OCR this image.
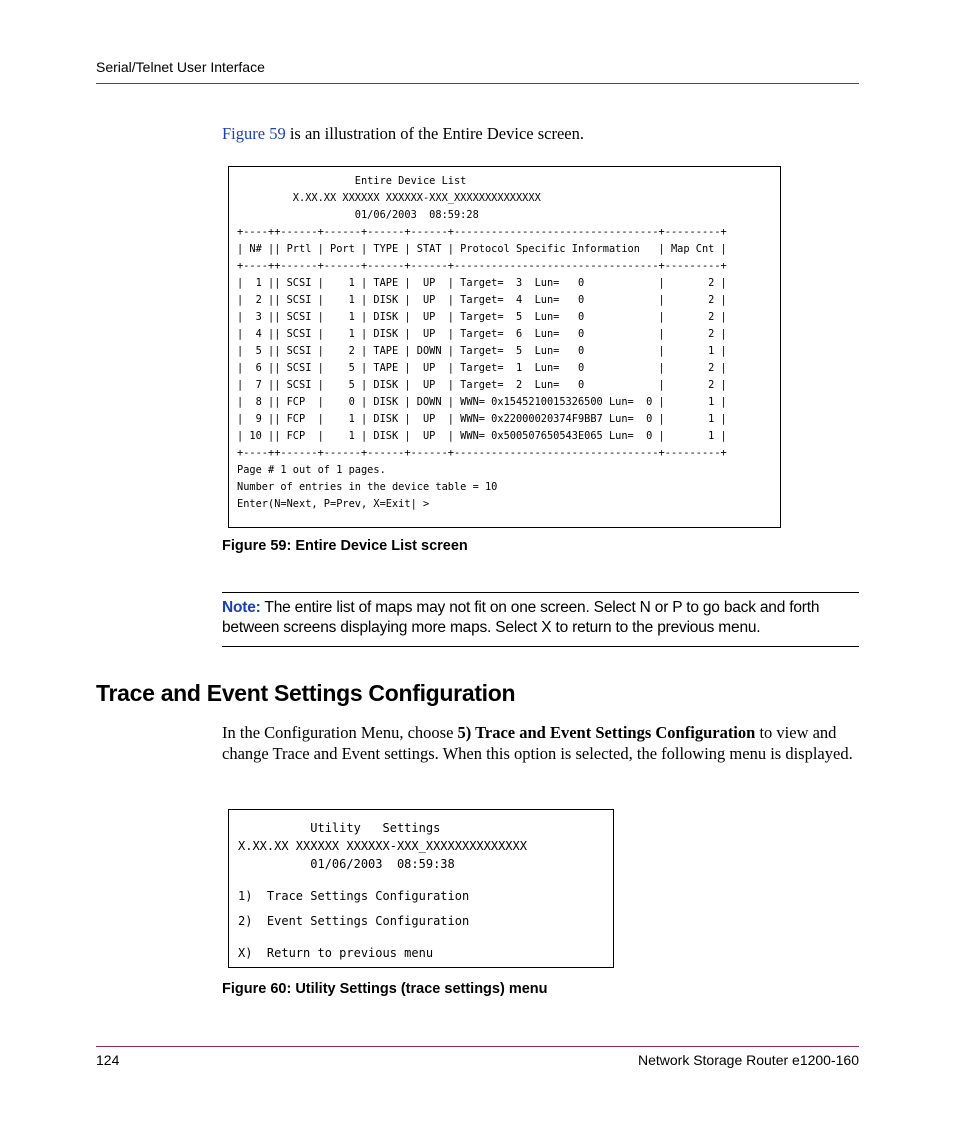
Serial/Telnet User Interface
Figure 59 is an illustration of the Entire Device screen.
Entire Device List
X.XX.XX XXXXXX XXXXXX-XXX_XXXXXXXXXXXXXX
01/06/2003  08:59:28
+----++------+------+------+------+---------------------------------+---------+
| N# || Prtl | Port | TYPE | STAT | Protocol Specific Information   | Map Cnt |
+----++------+------+------+------+---------------------------------+---------+
|  1 || SCSI |    1 | TAPE |  UP  | Target=  3  Lun=   0            |       2 |
|  2 || SCSI |    1 | DISK |  UP  | Target=  4  Lun=   0            |       2 |
|  3 || SCSI |    1 | DISK |  UP  | Target=  5  Lun=   0            |       2 |
|  4 || SCSI |    1 | DISK |  UP  | Target=  6  Lun=   0            |       2 |
|  5 || SCSI |    2 | TAPE | DOWN | Target=  5  Lun=   0            |       1 |
|  6 || SCSI |    5 | TAPE |  UP  | Target=  1  Lun=   0            |       2 |
|  7 || SCSI |    5 | DISK |  UP  | Target=  2  Lun=   0            |       2 |
|  8 || FCP  |    0 | DISK | DOWN | WWN= 0x1545210015326500 Lun=  0 |       1 |
|  9 || FCP  |    1 | DISK |  UP  | WWN= 0x22000020374F9BB7 Lun=  0 |       1 |
| 10 || FCP  |    1 | DISK |  UP  | WWN= 0x500507650543E065 Lun=  0 |       1 |
+----++------+------+------+------+---------------------------------+---------+
Page # 1 out of 1 pages.
Number of entries in the device table = 10
Enter(N=Next, P=Prev, X=Exit| >
Figure 59: Entire Device List screen
Note: The entire list of maps may not fit on one screen. Select N or P to go back and forth between screens displaying more maps. Select X to return to the previous menu.
Trace and Event Settings Configuration
In the Configuration Menu, choose 5) Trace and Event Settings Configuration to view and change Trace and Event settings. When this option is selected, the following menu is displayed.
Utility   Settings
X.XX.XX XXXXXX XXXXXX-XXX_XXXXXXXXXXXXXX
01/06/2003  08:59:38
1)  Trace Settings Configuration
2)  Event Settings Configuration
X)  Return to previous menu
Figure 60: Utility Settings (trace settings) menu
124	Network Storage Router e1200-160
